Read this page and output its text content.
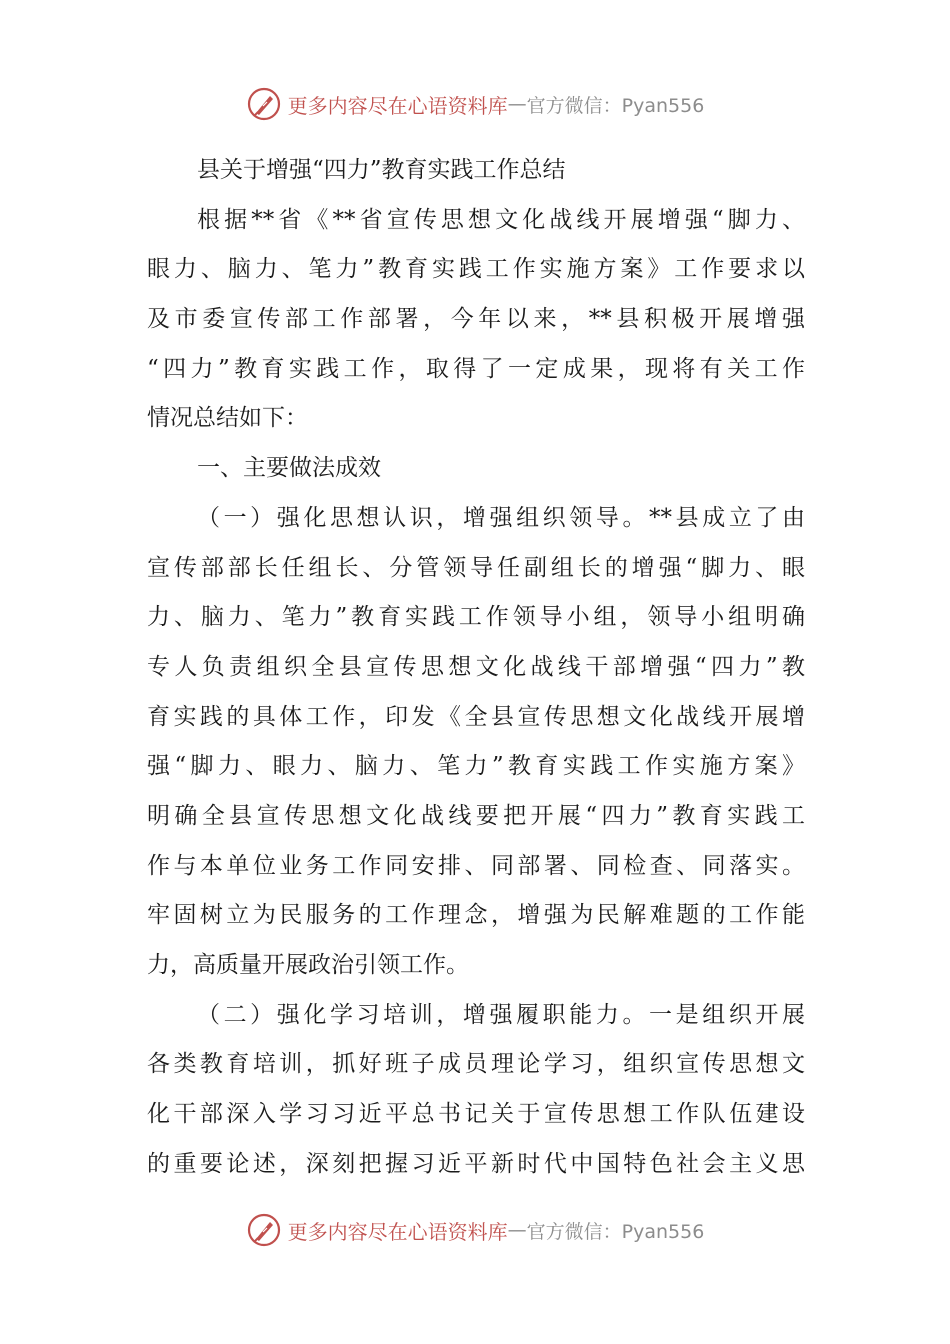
更多内容尽在心语资料库 — 官方微信：Pyan556
县关于增强“四力”教育实践工作总结
根据**省《**省宣传思想文化战线开展增强“脚力、
眼力、脑力、笔力”教育实践工作实施方案》工作要求以
及市委宣传部工作部署，今年以来，**县积极开展增强
“四力”教育实践工作，取得了一定成果，现将有关工作
情况总结如下：
一、主要做法成效
（一）强化思想认识，增强组织领导。**县成立了由
宣传部部长任组长、分管领导任副组长的增强“脚力、眼
力、脑力、笔力”教育实践工作领导小组，领导小组明确
专人负责组织全县宣传思想文化战线干部增强“四力”教
育实践的具体工作，印发《全县宣传思想文化战线开展增
强“脚力、眼力、脑力、笔力”教育实践工作实施方案》
明确全县宣传思想文化战线要把开展“四力”教育实践工
作与本单位业务工作同安排、同部署、同检查、同落实。
牢固树立为民服务的工作理念，增强为民解难题的工作能
力，高质量开展政治引领工作。
（二）强化学习培训，增强履职能力。一是组织开展
各类教育培训，抓好班子成员理论学习，组织宣传思想文
化干部深入学习习近平总书记关于宣传思想工作队伍建设
的重要论述，深刻把握习近平新时代中国特色社会主义思
更多内容尽在心语资料库 — 官方微信：Pyan556
